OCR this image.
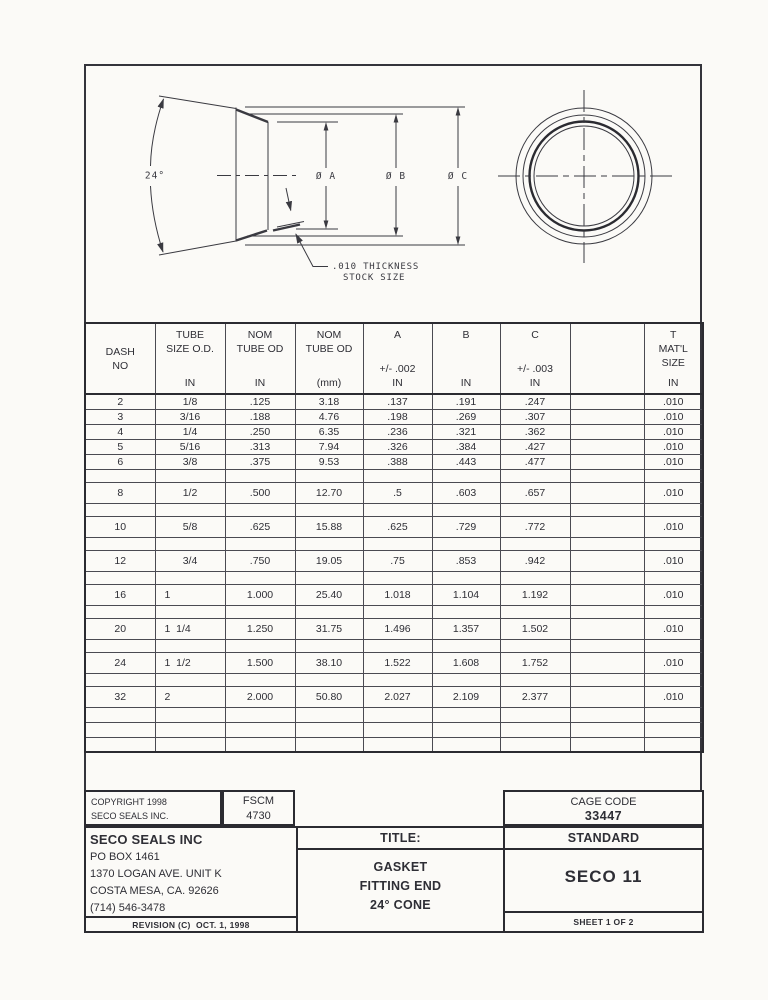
24°	Ø A	Ø B	Ø C
.010 THICKNESS
STOCK SIZE
DASH
NO

TUBE
SIZE O.D.
IN

NOM
TUBE OD
IN

NOM
TUBE OD
(mm)

A
+/- .002
IN

B
IN

C
+/- .003
IN

T
MAT'L
SIZE
IN

2	1/8	.125	3.18	.137	.191	.247		.010
3	3/16	.188	4.76	.198	.269	.307		.010
4	1/4	.250	6.35	.236	.321	.362		.010
5	5/16	.313	7.94	.326	.384	.427		.010
6	3/8	.375	9.53	.388	.443	.477		.010

8	1/2	.500	12.70	.5	.603	.657		.010

10	5/8	.625	15.88	.625	.729	.772		.010

12	3/4	.750	19.05	.75	.853	.942		.010

16	1	1.000	25.40	1.018	1.104	1.192		.010

20	1  1/4	1.250	31.75	1.496	1.357	1.502		.010

24	1  1/2	1.500	38.10	1.522	1.608	1.752		.010

32	2	2.000	50.80	2.027	2.109	2.377		.010

COPYRIGHT 1998
SECO SEALS INC.
FSCM
4730
CAGE CODE
33447
SECO SEALS INC
PO BOX 1461
1370 LOGAN AVE. UNIT K
COSTA MESA, CA. 92626
(714) 546-3478
TITLE:	STANDARD
GASKET
FITTING END
24° CONE
SECO 11
SHEET 1 OF 2
REVISION (C)  OCT. 1, 1998
